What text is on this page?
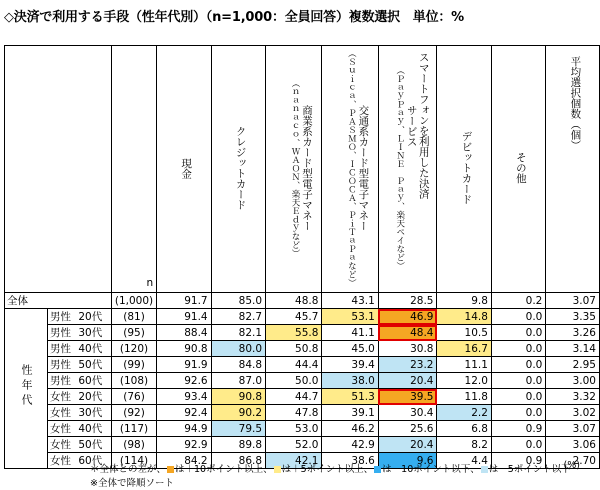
◇決済で利用する手段（性年代別）（n=1,000：全員回答）複数選択　単位：%
		n	現金	クレジットカード	商業系カード型電子マネー
（ｎａｎａｃｏ、ＷＡＯＮ、楽天Ｅｄｙなど）	交通系カード型電子マネー
（Ｓｕｉｃａ、ＰＡＳＭＯ、ＩＣＯＣＡ、ＰｉＴａＰａなど）	スマートフォンを利用した決済サービス
（ＰａｙＰａｙ、ＬＩＮＥ　Ｐａｙ、楽天ペイなど）	デビットカード	その他	平均選択個数（個）

全体		(1,000)	91.7	85.0	48.8	43.1	28.5	9.8	0.2	3.07
性年代	男性 20代	(81)	91.4	82.7	45.7	53.1	46.9	14.8	0.0	3.35
	男性 30代	(95)	88.4	82.1	55.8	41.1	48.4	10.5	0.0	3.26
	男性 40代	(120)	90.8	80.0	50.8	45.0	30.8	16.7	0.0	3.14
	男性 50代	(99)	91.9	84.8	44.4	39.4	23.2	11.1	0.0	2.95
	男性 60代	(108)	92.6	87.0	50.0	38.0	20.4	12.0	0.0	3.00
	女性 20代	(76)	93.4	90.8	44.7	51.3	39.5	11.8	0.0	3.32
	女性 30代	(92)	92.4	90.2	47.8	39.1	30.4	2.2	0.0	3.02
	女性 40代	(117)	94.9	79.5	53.0	46.2	25.6	6.8	0.9	3.07
	女性 50代	(98)	92.9	89.8	52.0	42.9	20.4	8.2	0.0	3.06
	女性 60代	(114)	84.2	86.8	42.1	38.6	9.6	4.4	0.9	2.70
＊全体との差が、 は＋10ポイント以上、 は＋5ポイント以上、 は－10ポイント以下、 は－5ポイント以下
※全体で降順ソート
(%)
